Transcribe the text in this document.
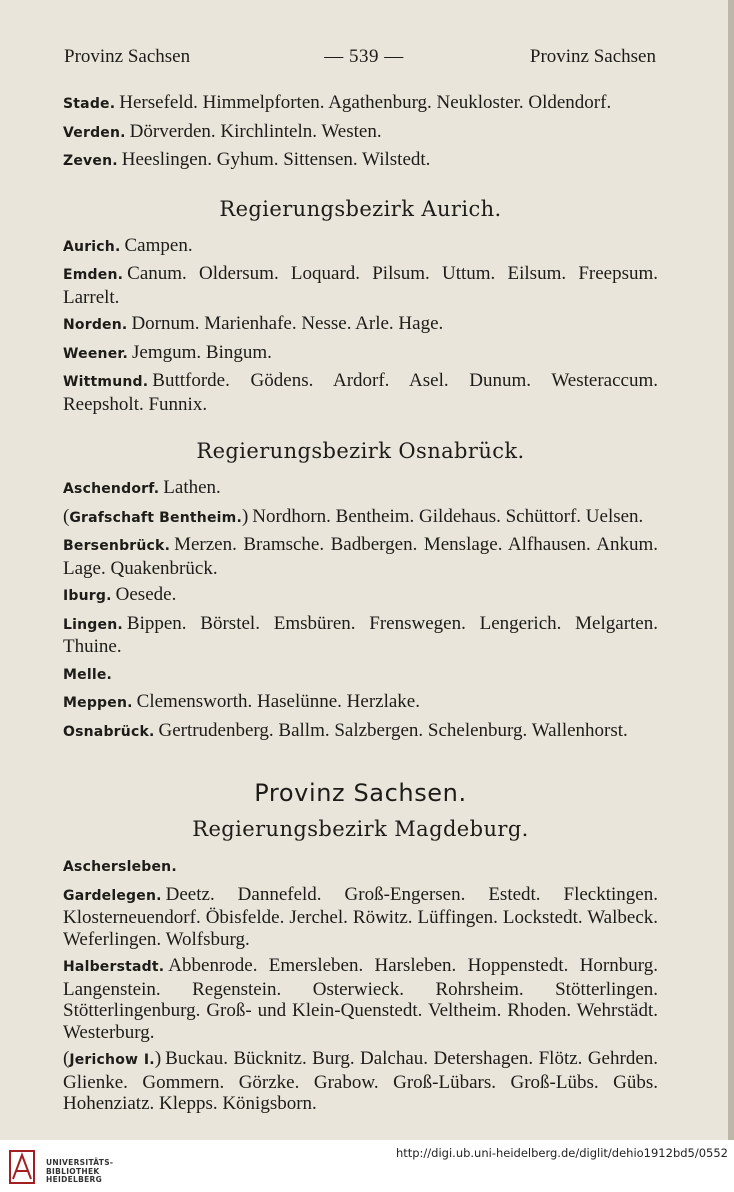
Provinz Sachsen	— 539 —	Provinz Sachsen

Stade. Hersefeld. Himmelpforten. Agathenburg. Neukloster. Oldendorf.

Verden. Dörverden. Kirchlinteln. Westen.

Zeven. Heeslingen. Gyhum. Sittensen. Wilstedt.

Regierungsbezirk Aurich.

Aurich. Campen.

Emden. Canum. Oldersum. Loquard. Pilsum. Uttum. Eilsum. Freepsum. Larrelt.

Norden. Dornum. Marienhafe. Nesse. Arle. Hage.

Weener. Jemgum. Bingum.

Wittmund. Buttforde. Gödens. Ardorf. Asel. Dunum. Westeraccum. Reepsholt. Funnix.

Regierungsbezirk Osnabrück.

Aschendorf. Lathen.

(Grafschaft Bentheim.) Nordhorn. Bentheim. Gildehaus. Schüttorf. Uelsen.

Bersenbrück. Merzen. Bramsche. Badbergen. Menslage. Alfhausen. Ankum. Lage. Quakenbrück.

Iburg. Oesede.

Lingen. Bippen. Börstel. Emsbüren. Frenswegen. Lengerich. Melgarten. Thuine.

Melle.

Meppen. Clemensworth. Haselünne. Herzlake.

Osnabrück. Gertrudenberg. Ballm. Salzbergen. Schelenburg. Wallenhorst.

Provinz Sachsen.
Regierungsbezirk Magdeburg.

Aschersleben.

Gardelegen. Deetz. Dannefeld. Groß-Engersen. Estedt. Flecktingen. Klosterneuendorf. Öbisfelde. Jerchel. Röwitz. Lüffingen. Lockstedt. Walbeck. Weferlingen. Wolfsburg.

Halberstadt. Abbenrode. Emersleben. Harsleben. Hoppenstedt. Hornburg. Langenstein. Regenstein. Osterwieck. Rohrsheim. Stötterlingen. Stötterlingenburg. Groß- und Klein-Quenstedt. Veltheim. Rhoden. Wehrstädt. Westerburg.

(Jerichow I.) Buckau. Bücknitz. Burg. Dalchau. Detershagen. Flötz. Gehrden. Glienke. Gommern. Görzke. Grabow. Groß-Lübars. Groß-Lübs. Gübs. Hohenziatz. Klepps. Königsborn.

UNIVERSITÄTS-
BIBLIOTHEK
HEIDELBERG
http://digi.ub.uni-heidelberg.de/diglit/dehio1912bd5/0552
